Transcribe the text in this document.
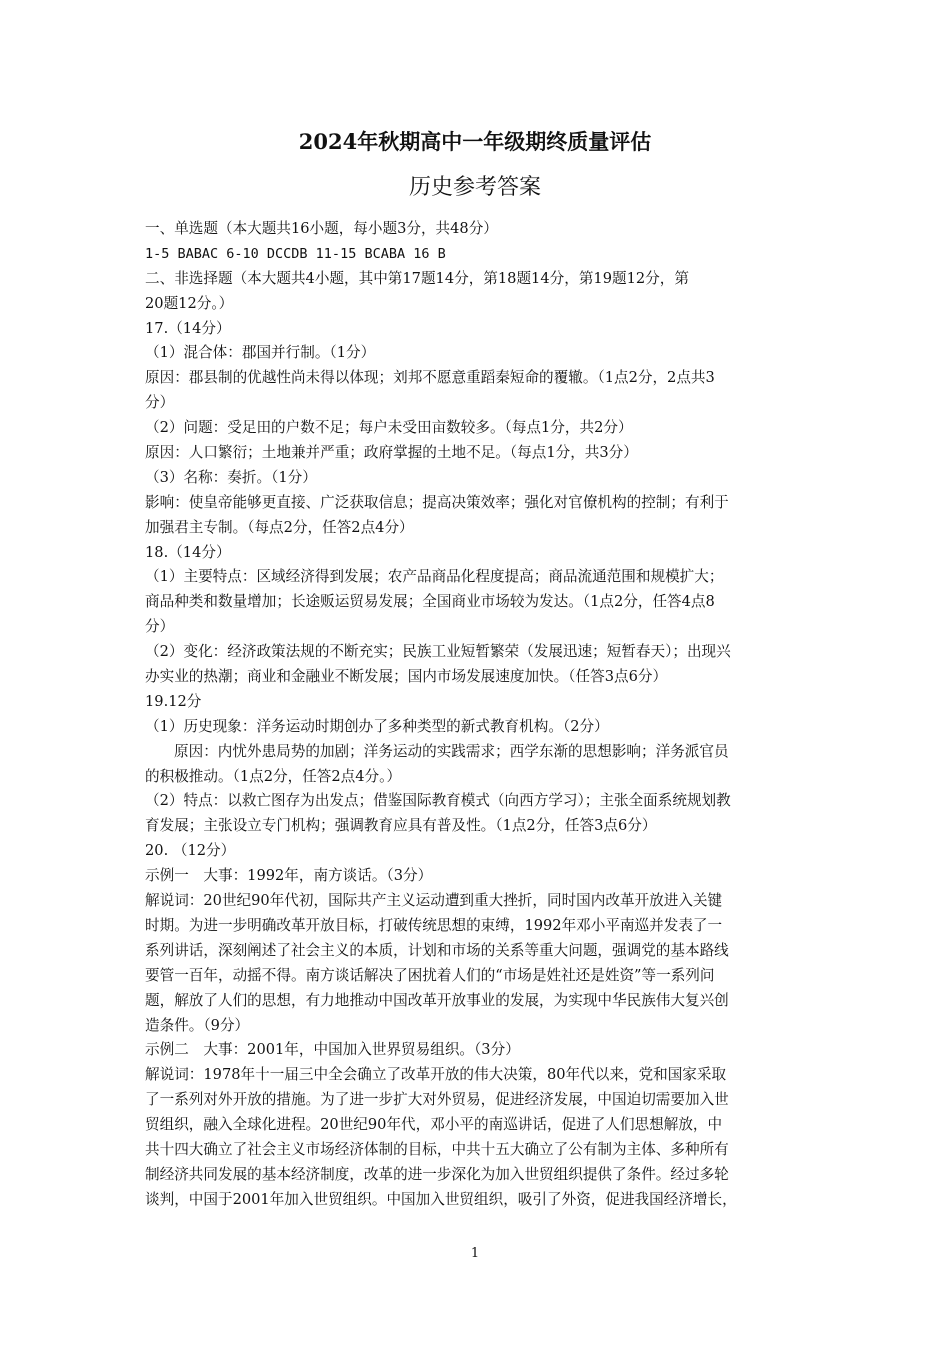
2024年秋期高中一年级期终质量评估
历史参考答案
一、单选题（本大题共16小题，每小题3分，共48分）
1-5 BABAC 6-10 DCCDB 11-15 BCABA 16 B
二、非选择题（本大题共4小题，其中第17题14分，第18题14分，第19题12分，第
20题12分。）
17.（14分）
（1）混合体：郡国并行制。（1分）
原因：郡县制的优越性尚未得以体现；刘邦不愿意重蹈秦短命的覆辙。（1点2分，2点共3
分）
（2）问题：受足田的户数不足；每户未受田亩数较多。（每点1分，共2分）
原因：人口繁衍；土地兼并严重；政府掌握的土地不足。（每点1分，共3分）
（3）名称：奏折。（1分）
影响：使皇帝能够更直接、广泛获取信息；提高决策效率；强化对官僚机构的控制；有利于
加强君主专制。（每点2分，任答2点4分）
18.（14分）
（1）主要特点：区域经济得到发展；农产品商品化程度提高；商品流通范围和规模扩大；
商品种类和数量增加；长途贩运贸易发展；全国商业市场较为发达。（1点2分，任答4点8
分）
（2）变化：经济政策法规的不断充实；民族工业短暂繁荣（发展迅速；短暂春天）；出现兴
办实业的热潮；商业和金融业不断发展；国内市场发展速度加快。（任答3点6分）
19.12分
（1）历史现象：洋务运动时期创办了多种类型的新式教育机构。（2分）
原因：内忧外患局势的加剧；洋务运动的实践需求；西学东渐的思想影响；洋务派官员
的积极推动。（1点2分，任答2点4分。）
（2）特点：以救亡图存为出发点；借鉴国际教育模式（向西方学习）；主张全面系统规划教
育发展；主张设立专门机构；强调教育应具有普及性。（1点2分，任答3点6分）
20. （12分）
示例一　大事：1992年，南方谈话。（3分）
解说词：20世纪90年代初，国际共产主义运动遭到重大挫折，同时国内改革开放进入关键
时期。为进一步明确改革开放目标，打破传统思想的束缚，1992年邓小平南巡并发表了一
系列讲话，深刻阐述了社会主义的本质，计划和市场的关系等重大问题，强调党的基本路线
要管一百年，动摇不得。南方谈话解决了困扰着人们的“市场是姓社还是姓资”等一系列问
题，解放了人们的思想，有力地推动中国改革开放事业的发展，为实现中华民族伟大复兴创
造条件。（9分）
示例二　大事：2001年，中国加入世界贸易组织。（3分）
解说词：1978年十一届三中全会确立了改革开放的伟大决策，80年代以来，党和国家采取
了一系列对外开放的措施。为了进一步扩大对外贸易，促进经济发展，中国迫切需要加入世
贸组织，融入全球化进程。20世纪90年代，邓小平的南巡讲话，促进了人们思想解放，中
共十四大确立了社会主义市场经济体制的目标，中共十五大确立了公有制为主体、多种所有
制经济共同发展的基本经济制度，改革的进一步深化为加入世贸组织提供了条件。经过多轮
谈判，中国于2001年加入世贸组织。中国加入世贸组织，吸引了外资，促进我国经济增长，
1
